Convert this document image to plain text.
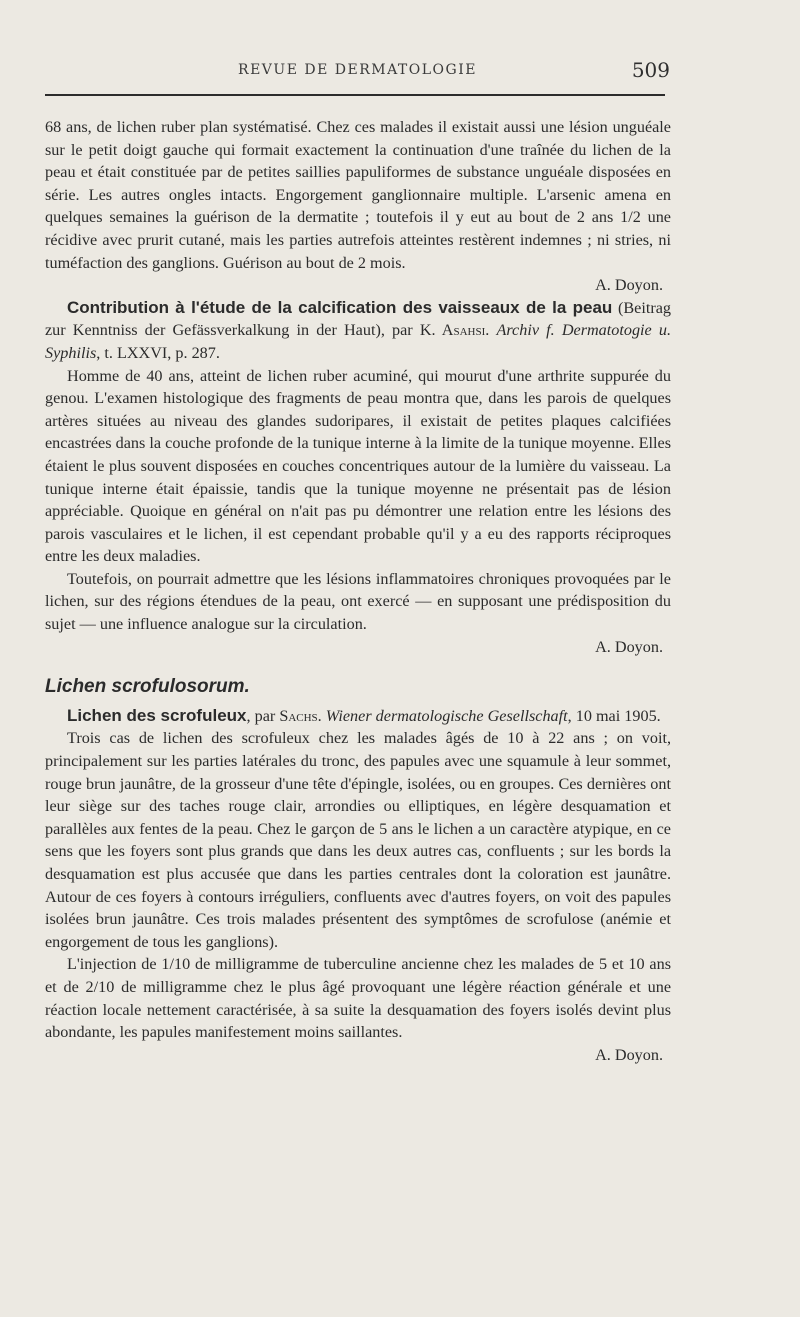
REVUE DE DERMATOLOGIE	509

68 ans, de lichen ruber plan systématisé. Chez ces malades il existait aussi une lésion unguéale sur le petit doigt gauche qui formait exactement la continuation d'une traînée du lichen de la peau et était constituée par de petites saillies papuliformes de substance unguéale disposées en série. Les autres ongles intacts. Engorgement ganglionnaire multiple. L'arsenic amena en quelques semaines la guérison de la dermatite ; toutefois il y eut au bout de 2 ans 1/2 une récidive avec prurit cutané, mais les parties autrefois atteintes restèrent indemnes ; ni stries, ni tuméfaction des ganglions. Guérison au bout de 2 mois.

A. Doyon.

Contribution à l'étude de la calcification des vaisseaux de la peau (Beitrag zur Kenntniss der Gefässverkalkung in der Haut), par K. Asahsi. Archiv f. Dermatotogie u. Syphilis, t. LXXVI, p. 287.

Homme de 40 ans, atteint de lichen ruber acuminé, qui mourut d'une arthrite suppurée du genou. L'examen histologique des fragments de peau montra que, dans les parois de quelques artères situées au niveau des glandes sudoripares, il existait de petites plaques calcifiées encastrées dans la couche profonde de la tunique interne à la limite de la tunique moyenne. Elles étaient le plus souvent disposées en couches concentriques autour de la lumière du vaisseau. La tunique interne était épaissie, tandis que la tunique moyenne ne présentait pas de lésion appréciable. Quoique en général on n'ait pas pu démontrer une relation entre les lésions des parois vasculaires et le lichen, il est cependant probable qu'il y a eu des rapports réciproques entre les deux maladies.

Toutefois, on pourrait admettre que les lésions inflammatoires chroniques provoquées par le lichen, sur des régions étendues de la peau, ont exercé — en supposant une prédisposition du sujet — une influence analogue sur la circulation.

A. Doyon.

Lichen scrofulosorum.

Lichen des scrofuleux, par Sachs. Wiener dermatologische Gesellschaft, 10 mai 1905.

Trois cas de lichen des scrofuleux chez les malades âgés de 10 à 22 ans ; on voit, principalement sur les parties latérales du tronc, des papules avec une squamule à leur sommet, rouge brun jaunâtre, de la grosseur d'une tête d'épingle, isolées, ou en groupes. Ces dernières ont leur siège sur des taches rouge clair, arrondies ou elliptiques, en légère desquamation et parallèles aux fentes de la peau. Chez le garçon de 5 ans le lichen a un caractère atypique, en ce sens que les foyers sont plus grands que dans les deux autres cas, confluents ; sur les bords la desquamation est plus accusée que dans les parties centrales dont la coloration est jaunâtre. Autour de ces foyers à contours irréguliers, confluents avec d'autres foyers, on voit des papules isolées brun jaunâtre. Ces trois malades présentent des symptômes de scrofulose (anémie et engorgement de tous les ganglions).

L'injection de 1/10 de milligramme de tuberculine ancienne chez les malades de 5 et 10 ans et de 2/10 de milligramme chez le plus âgé provoquant une légère réaction générale et une réaction locale nettement caractérisée, à sa suite la desquamation des foyers isolés devint plus abondante, les papules manifestement moins saillantes.

A. Doyon.
